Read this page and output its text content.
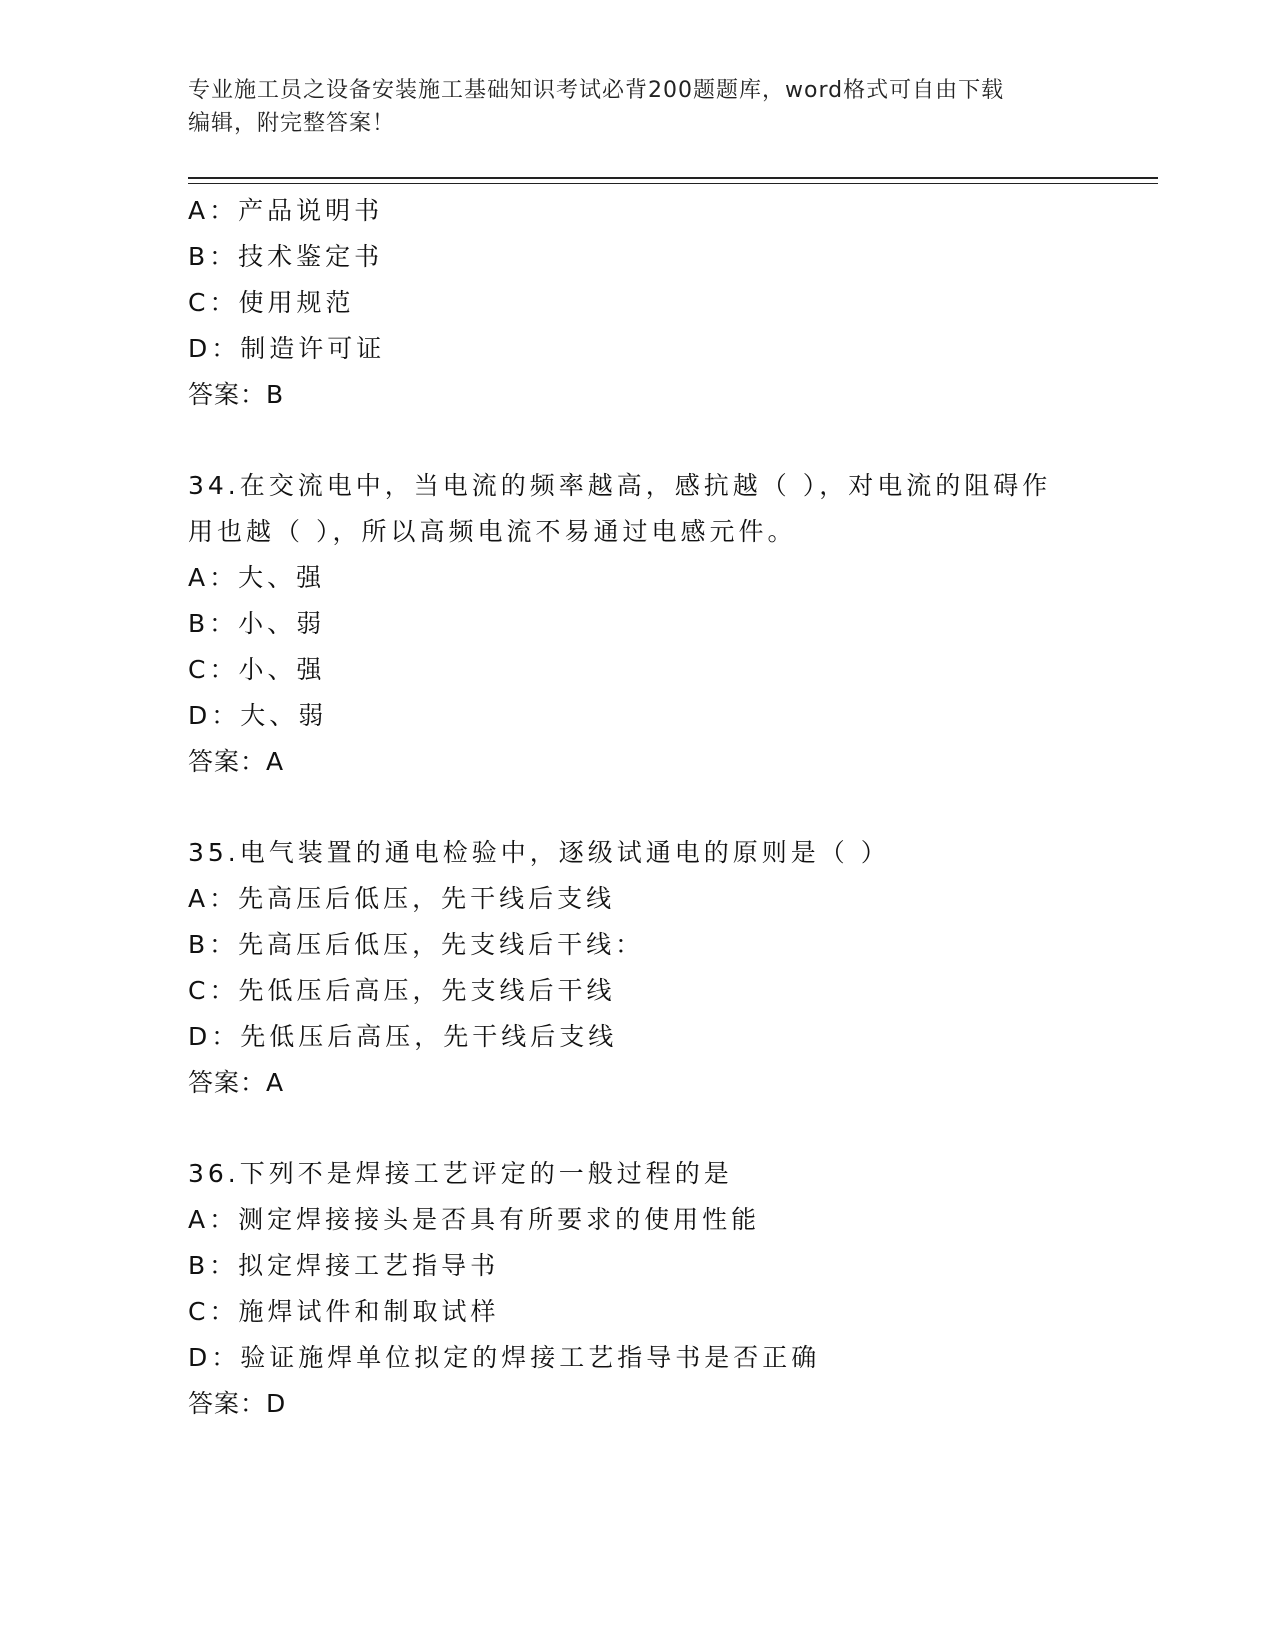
专业施工员之设备安装施工基础知识考试必背200题题库，word格式可自由下载
编辑，附完整答案！
A：产品说明书
B：技术鉴定书
C：使用规范
D：制造许可证
答案：B
34.在交流电中，当电流的频率越高，感抗越（ ），对电流的阻碍作
用也越（ ），所以高频电流不易通过电感元件。
A：大、强
B：小、弱
C：小、强
D：大、弱
答案：A
35.电气装置的通电检验中，逐级试通电的原则是（ ）
A：先高压后低压，先干线后支线
B：先高压后低压，先支线后干线：
C：先低压后高压，先支线后干线
D：先低压后高压，先干线后支线
答案：A
36.下列不是焊接工艺评定的一般过程的是
A：测定焊接接头是否具有所要求的使用性能
B：拟定焊接工艺指导书
C：施焊试件和制取试样
D：验证施焊单位拟定的焊接工艺指导书是否正确
答案：D
